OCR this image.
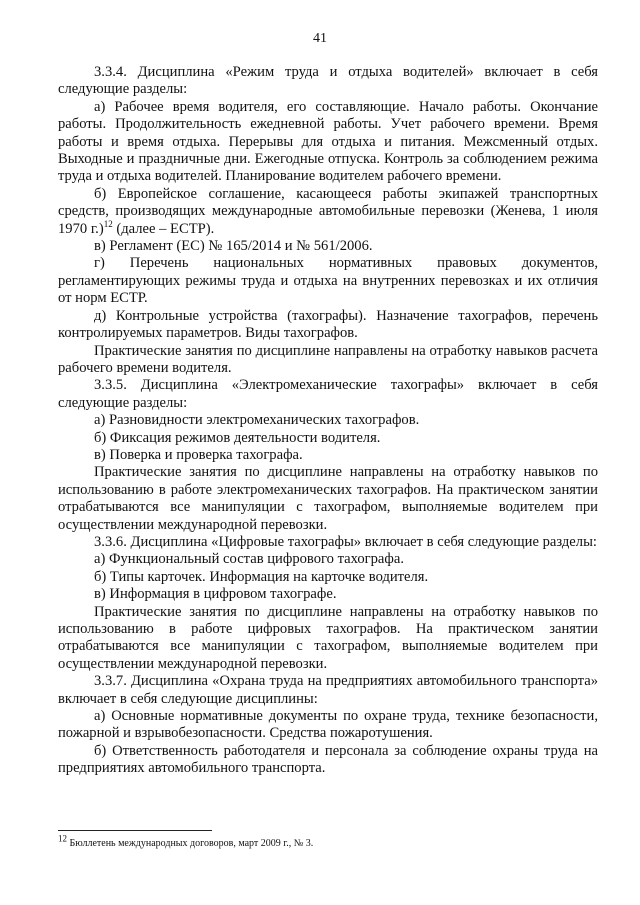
41

3.3.4. Дисциплина «Режим труда и отдыха водителей» включает в себя следующие разделы:

а) Рабочее время водителя, его составляющие. Начало работы. Окончание работы. Продолжительность ежедневной работы. Учет рабочего времени. Время работы и время отдыха. Перерывы для отдыха и питания. Межсменный отдых. Выходные и праздничные дни. Ежегодные отпуска. Контроль за соблюдением режима труда и отдыха водителей. Планирование водителем рабочего времени.

б) Европейское соглашение, касающееся работы экипажей транспортных средств, производящих международные автомобильные перевозки (Женева, 1 июля 1970 г.)$^{12}$ (далее – ЕСТР).

в) Регламент (ЕС) № 165/2014 и № 561/2006.

г) Перечень национальных нормативных правовых документов, регламентирующих режимы труда и отдыха на внутренних перевозках и их отличия от норм ЕСТР.

д) Контрольные устройства (тахографы). Назначение тахографов, перечень контролируемых параметров. Виды тахографов.

Практические занятия по дисциплине направлены на отработку навыков расчета рабочего времени водителя.

3.3.5. Дисциплина «Электромеханические тахографы» включает в себя следующие разделы:

а) Разновидности электромеханических тахографов.

б) Фиксация режимов деятельности водителя.

в) Поверка и проверка тахографа.

Практические занятия по дисциплине направлены на отработку навыков по использованию в работе электромеханических тахографов. На практическом занятии отрабатываются все манипуляции с тахографом, выполняемые водителем при осуществлении международной перевозки.

3.3.6. Дисциплина «Цифровые тахографы» включает в себя следующие разделы:

а) Функциональный состав цифрового тахографа.

б) Типы карточек. Информация на карточке водителя.

в) Информация в цифровом тахографе.

Практические занятия по дисциплине направлены на отработку навыков по использованию в работе цифровых тахографов. На практическом занятии отрабатываются все манипуляции с тахографом, выполняемые водителем при осуществлении международной перевозки.

3.3.7. Дисциплина «Охрана труда на предприятиях автомобильного транспорта» включает в себя следующие дисциплины:

а) Основные нормативные документы по охране труда, технике безопасности, пожарной и взрывобезопасности. Средства пожаротушения.

б) Ответственность работодателя и персонала за соблюдение охраны труда на предприятиях автомобильного транспорта.

$^{12}$ Бюллетень международных договоров, март 2009 г., № 3.
